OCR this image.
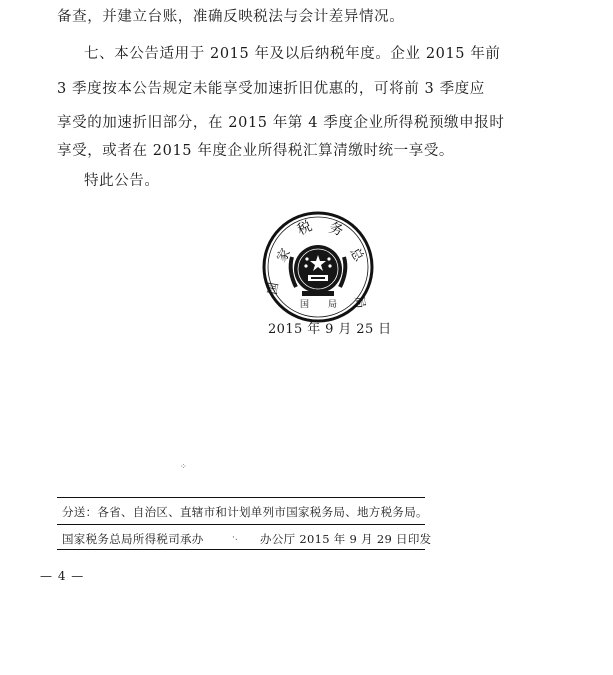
备查，并建立台账，准确反映税法与会计差异情况。
七、本公告适用于 2015 年及以后纳税年度。企业 2015 年前
3 季度按本公告规定未能享受加速折旧优惠的，可将前 3 季度应
享受的加速折旧部分，在 2015 年第 4 季度企业所得税预缴申报时
享受，或者在 2015 年度企业所得税汇算清缴时统一享受。
特此公告。
家
税 务
总
国
局
国 局
2015 年 9 月 25 日
⁘
分送：各省、自治区、直辖市和计划单列市国家税务局、地方税务局。
国家税务总局所得税司承办	·. 办公厅 2015 年 9 月 29 日印发
— 4 —
